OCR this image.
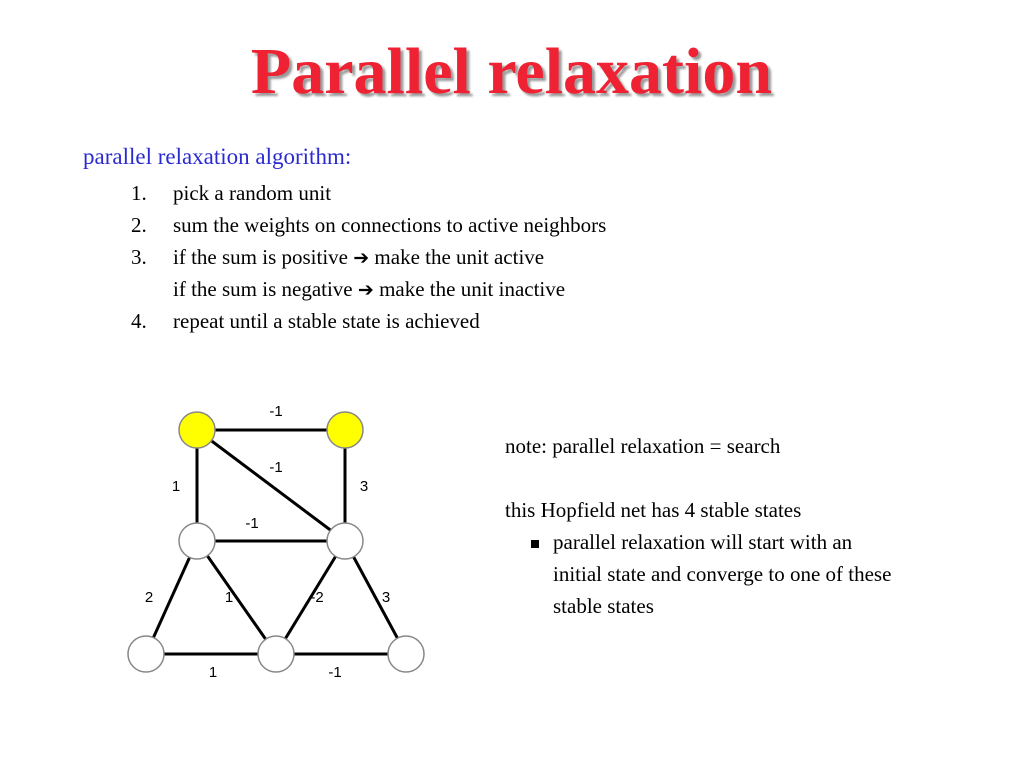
Parallel relaxation
parallel relaxation algorithm:
1. pick a random unit
2. sum the weights on connections to active neighbors
3. if the sum is positive ➔ make the unit active
if the sum is negative ➔ make the unit inactive
4. repeat until a stable state is achieved
-1
-1
1	3
-1
2	1	-2	3
1	-1
note: parallel relaxation = search
this Hopfield net has 4 stable states
parallel relaxation will start with an
initial state and converge to one of these
stable states
